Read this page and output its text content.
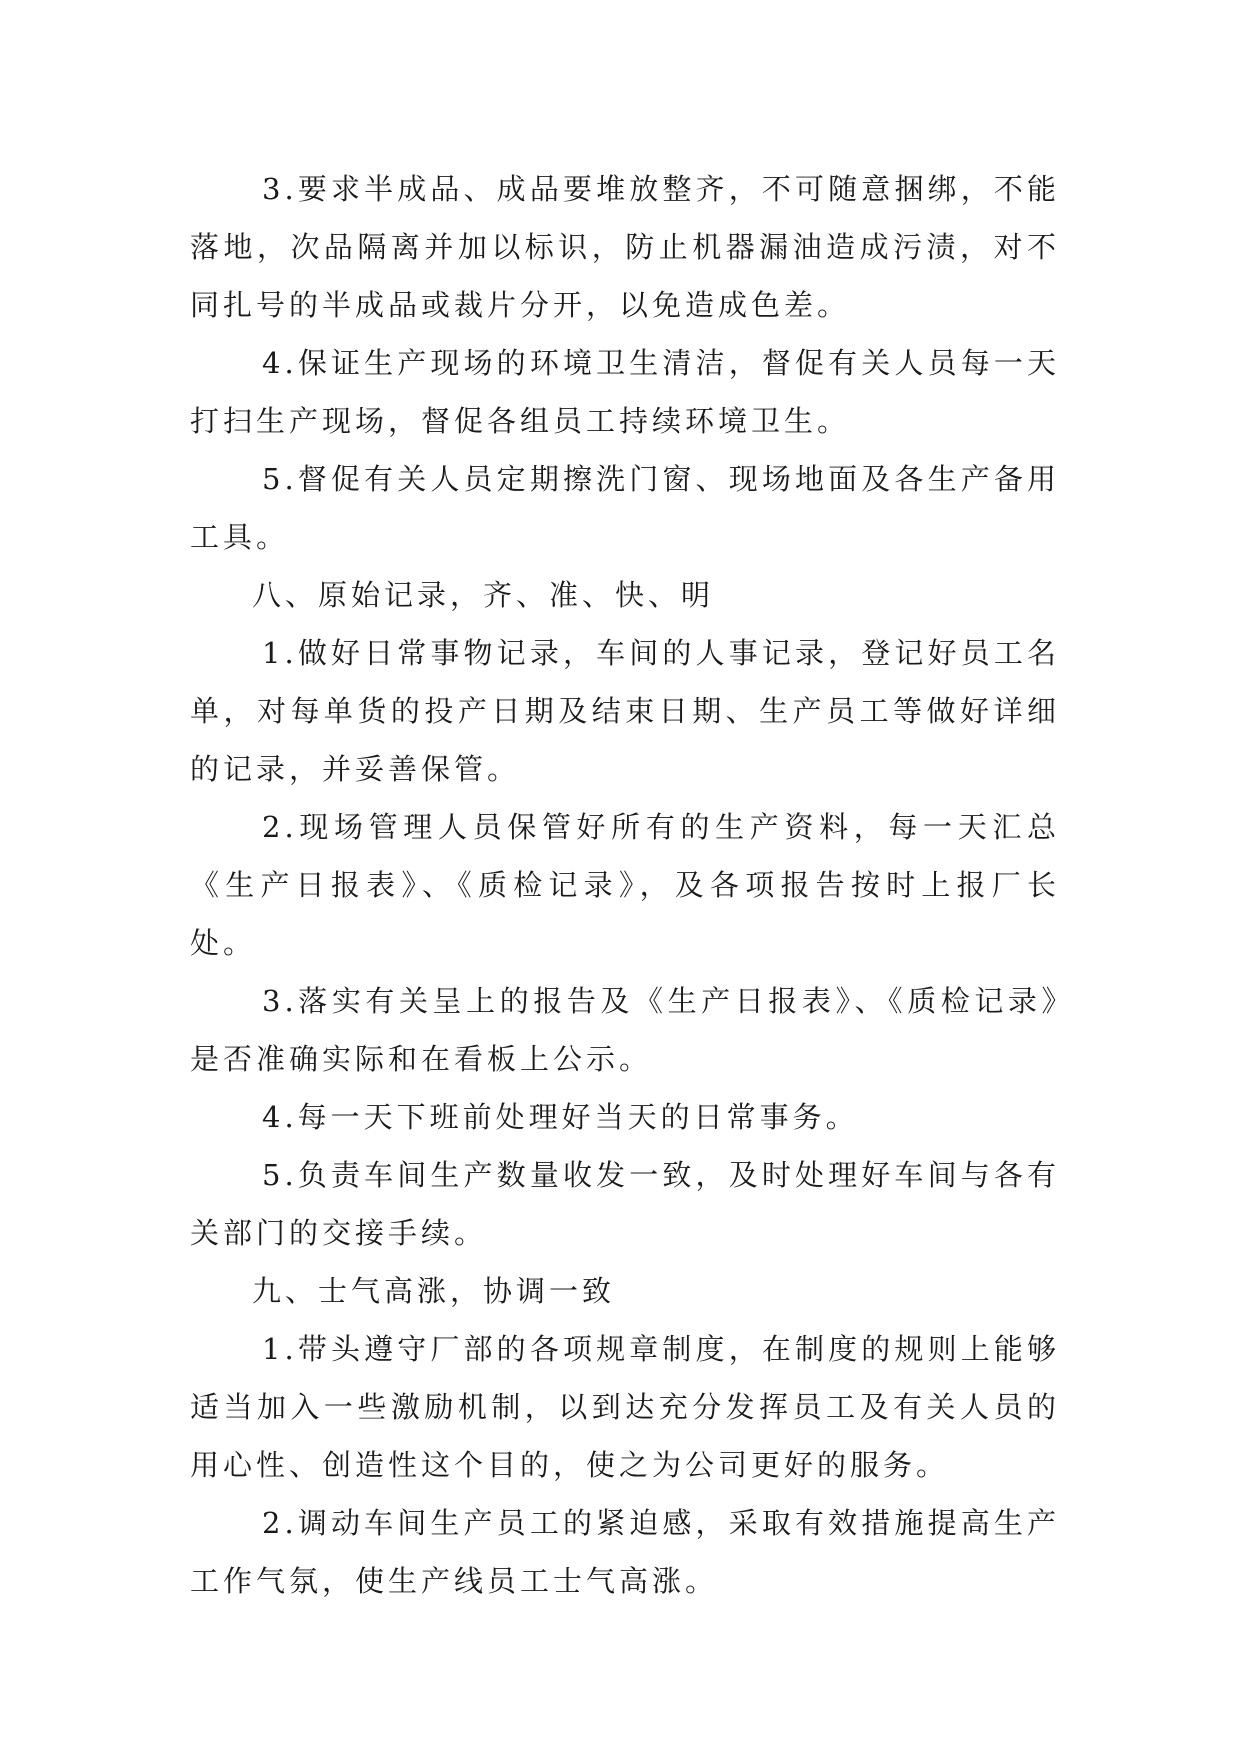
3.要求半成品、成品要堆放整齐，不可随意捆绑，不能落地，次品隔离并加以标识，防止机器漏油造成污渍，对不同扎号的半成品或裁片分开，以免造成色差。

4.保证生产现场的环境卫生清洁，督促有关人员每一天打扫生产现场，督促各组员工持续环境卫生。

5.督促有关人员定期擦洗门窗、现场地面及各生产备用工具。

八、原始记录，齐、准、快、明

1.做好日常事物记录，车间的人事记录，登记好员工名单，对每单货的投产日期及结束日期、生产员工等做好详细的记录，并妥善保管。

2.现场管理人员保管好所有的生产资料，每一天汇总《生产日报表》、《质检记录》，及各项报告按时上报厂长处。

3.落实有关呈上的报告及《生产日报表》、《质检记录》是否准确实际和在看板上公示。

4.每一天下班前处理好当天的日常事务。

5.负责车间生产数量收发一致，及时处理好车间与各有关部门的交接手续。

九、士气高涨，协调一致

1.带头遵守厂部的各项规章制度，在制度的规则上能够适当加入一些激励机制，以到达充分发挥员工及有关人员的用心性、创造性这个目的，使之为公司更好的服务。

2.调动车间生产员工的紧迫感，采取有效措施提高生产工作气氛，使生产线员工士气高涨。
